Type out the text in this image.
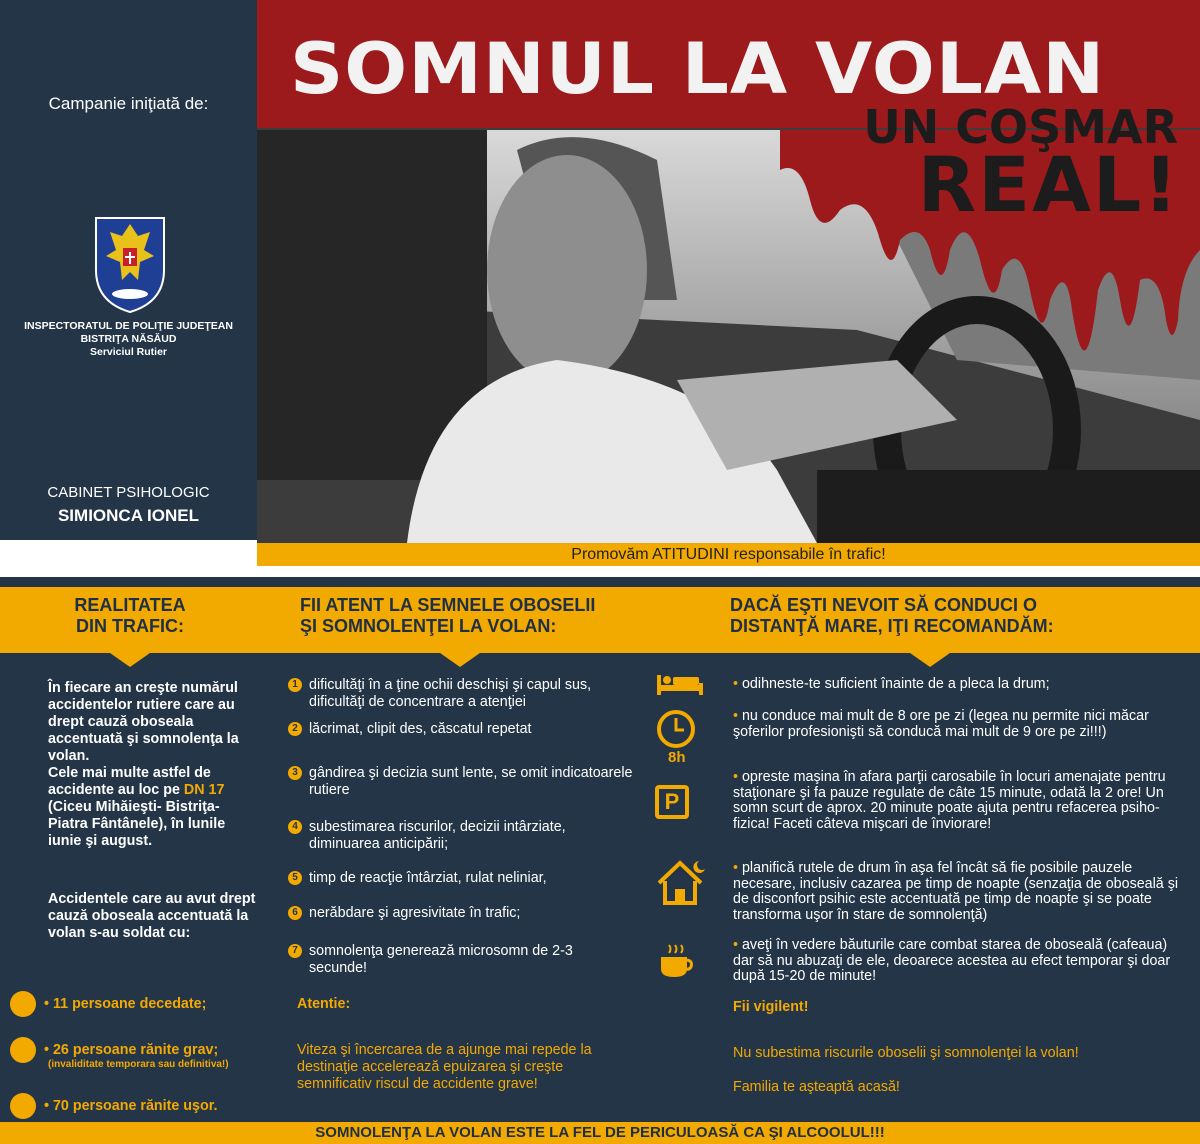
Campanie iniţiată de:
INSPECTORATUL DE POLIŢIE JUDEŢEAN
BISTRIŢA NĂSĂUD
Serviciul Rutier
CABINET PSIHOLOGIC
SIMIONCA IONEL
SOMNUL LA VOLAN
UN COŞMAR
REAL!
Promovăm ATITUDINI responsabile în trafic!
REALITATEA
DIN TRAFIC:
FII ATENT LA SEMNELE OBOSELII
ŞI SOMNOLENŢEI LA VOLAN:
DACĂ EŞTI NEVOIT SĂ CONDUCI O
DISTANŢĂ MARE, IŢI RECOMANDĂM:
În fiecare an creşte numărul accidentelor rutiere care au drept cauză oboseala accentuată şi somnolenţa la volan.
Cele mai multe astfel de accidente au loc pe DN 17 (Ciceu Mihăieşti- Bistriţa- Piatra Fântânele), în lunile iunie şi august.
Accidentele care au avut drept cauză oboseala accentuată la volan s-au soldat cu:
• 11 persoane decedate;
• 26 persoane rănite grav;
(invaliditate temporara sau definitiva!)
• 70 persoane rănite uşor.
1 dificultăţi în a ţine ochii deschişi şi capul sus, dificultăţi de concentrare a atenţiei
2 lăcrimat, clipit des, căscatul repetat
3 gândirea şi decizia sunt lente, se omit indicatoarele rutiere
4 subestimarea riscurilor, decizii intârziate, diminuarea anticipării;
5 timp de reacţie întârziat, rulat neliniar,
6 nerăbdare şi agresivitate în trafic;
7 somnolenţa generează microsomn de 2-3 secunde!
Atentie:
Viteza şi încercarea de a ajunge mai repede la destinaţie accelerează epuizarea şi creşte semnificativ riscul de accidente grave!
8h
P
• odihneste-te suficient înainte de a pleca la drum;
• nu conduce mai mult de 8 ore pe zi (legea nu permite nici măcar şoferilor profesionişti să conducă mai mult de 9 ore pe zi!!!)
• opreste maşina în afara parţii carosabile în locuri amenajate pentru staţionare şi fa pauze regulate de câte 15 minute, odată la 2 ore! Un somn scurt de aprox. 20 minute poate ajuta pentru refacerea psiho-fizica! Faceti câteva mişcari de înviorare!
• planifică rutele de drum în aşa fel încât să fie posibile pauzele necesare, inclusiv cazarea pe timp de noapte (senzaţia de oboseală şi de disconfort psihic este accentuată pe timp de noapte şi se poate transforma uşor în stare de somnolenţă)
• aveţi în vedere băuturile care combat starea de oboseală (cafeaua) dar să nu abuzaţi de ele, deoarece acestea au efect temporar şi doar după 15-20 de minute!
Fii vigilent!
Nu subestima riscurile oboselii şi somnolenţei la volan!
Familia te aşteaptă acasă!
SOMNOLENŢA LA VOLAN ESTE LA FEL DE PERICULOASĂ CA ŞI ALCOOLUL!!!
